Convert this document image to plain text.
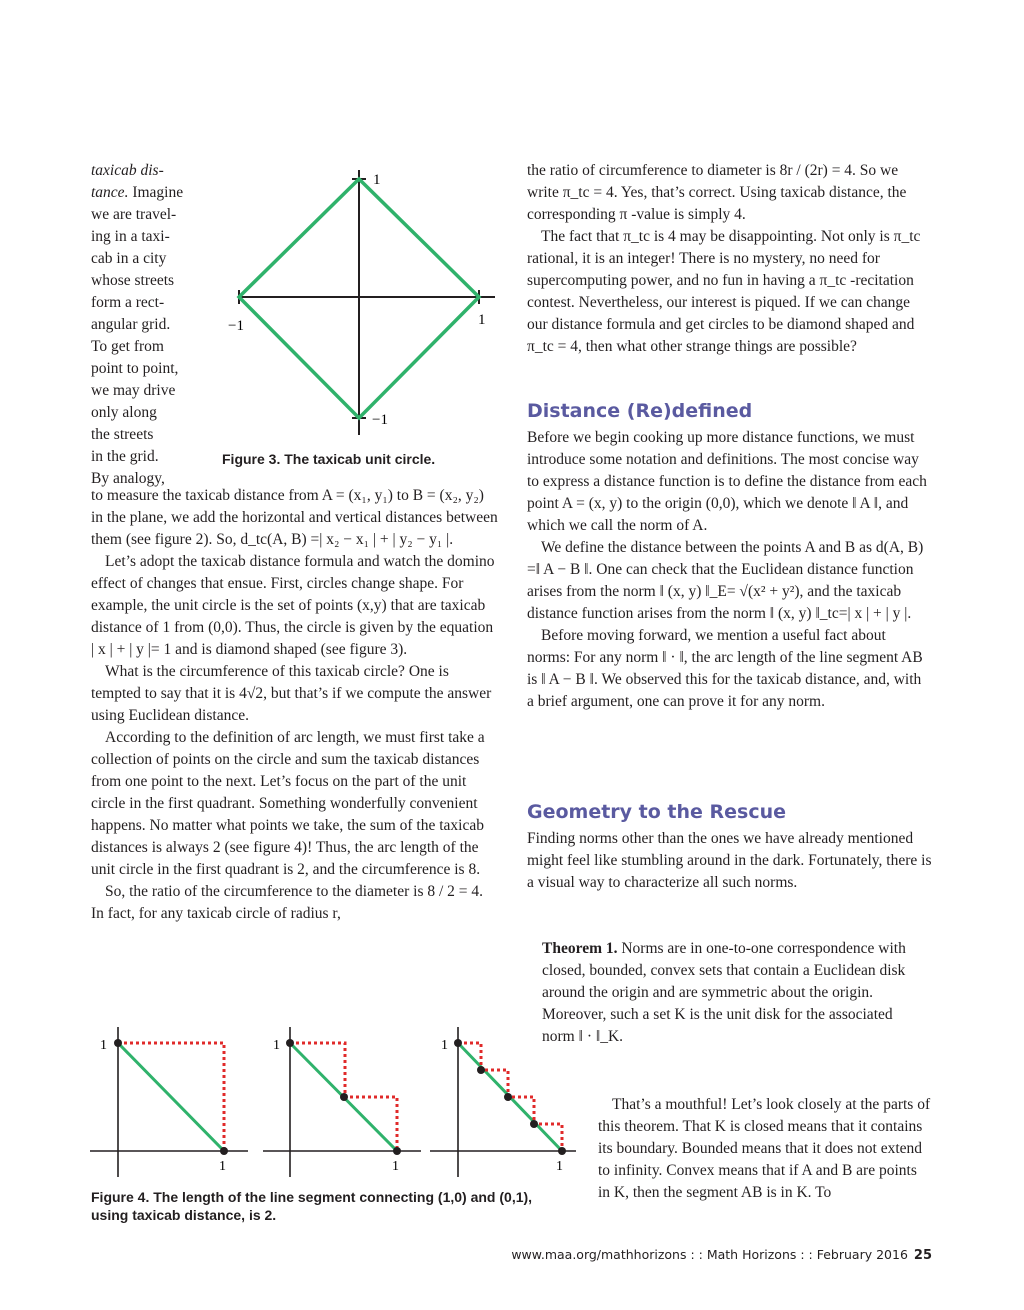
taxicab dis-
tance. Imagine
we are travel-
ing in a taxi-
cab in a city
whose streets
form a rect-
angular grid.
To get from
point to point,
we may drive
only along
the streets
in the grid.
By analogy,
1
1
−1
−1
Figure 3. The taxicab unit circle.

to measure the taxicab distance from A = (x₁, y₁) to B = (x₂, y₂) in the plane, we add the horizontal and vertical distances between them (see figure 2). So, d_tc(A, B) =| x₂ − x₁ | + | y₂ − y₁ |.

Let’s adopt the taxicab distance formula and watch the domino effect of changes that ensue. First, circles change shape. For example, the unit circle is the set of points (x,y) that are taxicab distance of 1 from (0,0). Thus, the circle is given by the equation | x | + | y |= 1 and is diamond shaped (see figure 3).

What is the circumference of this taxicab circle? One is tempted to say that it is 4√2, but that’s if we compute the answer using Euclidean distance.

According to the definition of arc length, we must first take a collection of points on the circle and sum the taxicab distances from one point to the next. Let’s focus on the part of the unit circle in the first quadrant. Something wonderfully convenient happens. No matter what points we take, the sum of the taxicab distances is always 2 (see figure 4)! Thus, the arc length of the unit circle in the first quadrant is 2, and the circumference is 8.

So, the ratio of the circumference to the diameter is 8 / 2 = 4. In fact, for any taxicab circle of radius r,

1
1
1
1
1
1
Figure 4. The length of the line segment connecting (1,0) and (0,1),
using taxicab distance, is 2.

the ratio of circumference to diameter is 8r / (2r) = 4. So we write π_tc = 4. Yes, that’s correct. Using taxicab distance, the corresponding π -value is simply 4.

The fact that π_tc is 4 may be disappointing. Not only is π_tc rational, it is an integer! There is no mystery, no need for supercomputing power, and no fun in having a π_tc -recitation contest. Nevertheless, our interest is piqued. If we can change our distance formula and get circles to be diamond shaped and π_tc = 4, then what other strange things are possible?

Distance (Re)defined

Before we begin cooking up more distance functions, we must introduce some notation and definitions. The most concise way to express a distance function is to define the distance from each point A = (x, y) to the origin (0,0), which we denote ‖ A ‖, and which we call the norm of A.

We define the distance between the points A and B as d(A, B) =‖ A − B ‖. One can check that the Euclidean distance function arises from the norm ‖ (x, y) ‖_E= √(x² + y²), and the taxicab distance function arises from the norm ‖ (x, y) ‖_tc=| x | + | y |.

Before moving forward, we mention a useful fact about norms: For any norm ‖ · ‖, the arc length of the line segment AB is ‖ A − B ‖. We observed this for the taxicab distance, and, with a brief argument, one can prove it for any norm.

Geometry to the Rescue

Finding norms other than the ones we have already mentioned might feel like stumbling around in the dark. Fortunately, there is a visual way to characterize all such norms.

Theorem 1. Norms are in one-to-one correspondence with closed, bounded, convex sets that contain a Euclidean disk around the origin and are symmetric about the origin. Moreover, such a set K is the unit disk for the associated norm ‖ · ‖_K.

That’s a mouthful! Let’s look closely at the parts of this theorem. That K is closed means that it contains its boundary. Bounded means that it does not extend to infinity. Convex means that if A and B are points in K, then the segment AB is in K. To

www.maa.org/mathhorizons : : Math Horizons : : February 2016 25
